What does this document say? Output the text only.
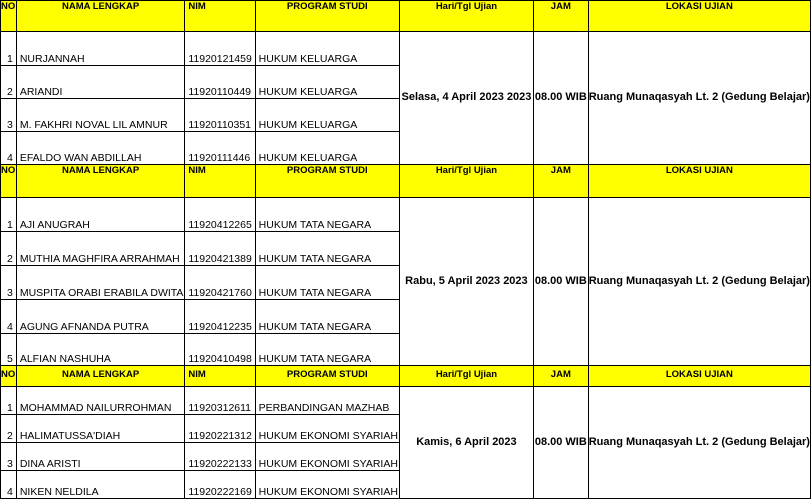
NO	NAMA LENGKAP	NIM	PROGRAM STUDI	Hari/Tgl Ujian	JAM	LOKASI UJIAN
1	NURJANNAH	11920121459	HUKUM KELUARGA	Selasa, 4 April 2023 2023	08.00 WIB	Ruang Munaqasyah Lt. 2 (Gedung Belajar)
2	ARIANDI	11920110449	HUKUM KELUARGA			
3	M. FAKHRI NOVAL LIL AMNUR	11920110351	HUKUM KELUARGA			
4	EFALDO WAN ABDILLAH	11920111446	HUKUM KELUARGA			
NO	NAMA LENGKAP	NIM	PROGRAM STUDI	Hari/Tgl Ujian	JAM	LOKASI UJIAN
1	AJI ANUGRAH	11920412265	HUKUM TATA NEGARA	Rabu, 5 April 2023 2023	08.00 WIB	Ruang Munaqasyah Lt. 2 (Gedung Belajar)
2	MUTHIA MAGHFIRA ARRAHMAH	11920421389	HUKUM TATA NEGARA			
3	MUSPITA ORABI ERABILA DWITA	11920421760	HUKUM TATA NEGARA			
4	AGUNG AFNANDA PUTRA	11920412235	HUKUM TATA NEGARA			
5	ALFIAN NASHUHA	11920410498	HUKUM TATA NEGARA			
NO	NAMA LENGKAP	NIM	PROGRAM STUDI	Hari/Tgl Ujian	JAM	LOKASI UJIAN
1	MOHAMMAD NAILURROHMAN	11920312611	PERBANDINGAN MAZHAB	Kamis, 6 April 2023	08.00 WIB	Ruang Munaqasyah Lt. 2 (Gedung Belajar)
2	HALIMATUSSA'DIAH	11920221312	HUKUM EKONOMI SYARIAH			
3	DINA ARISTI	11920222133	HUKUM EKONOMI SYARIAH			
4	NIKEN NELDILA	11920222169	HUKUM EKONOMI SYARIAH			
